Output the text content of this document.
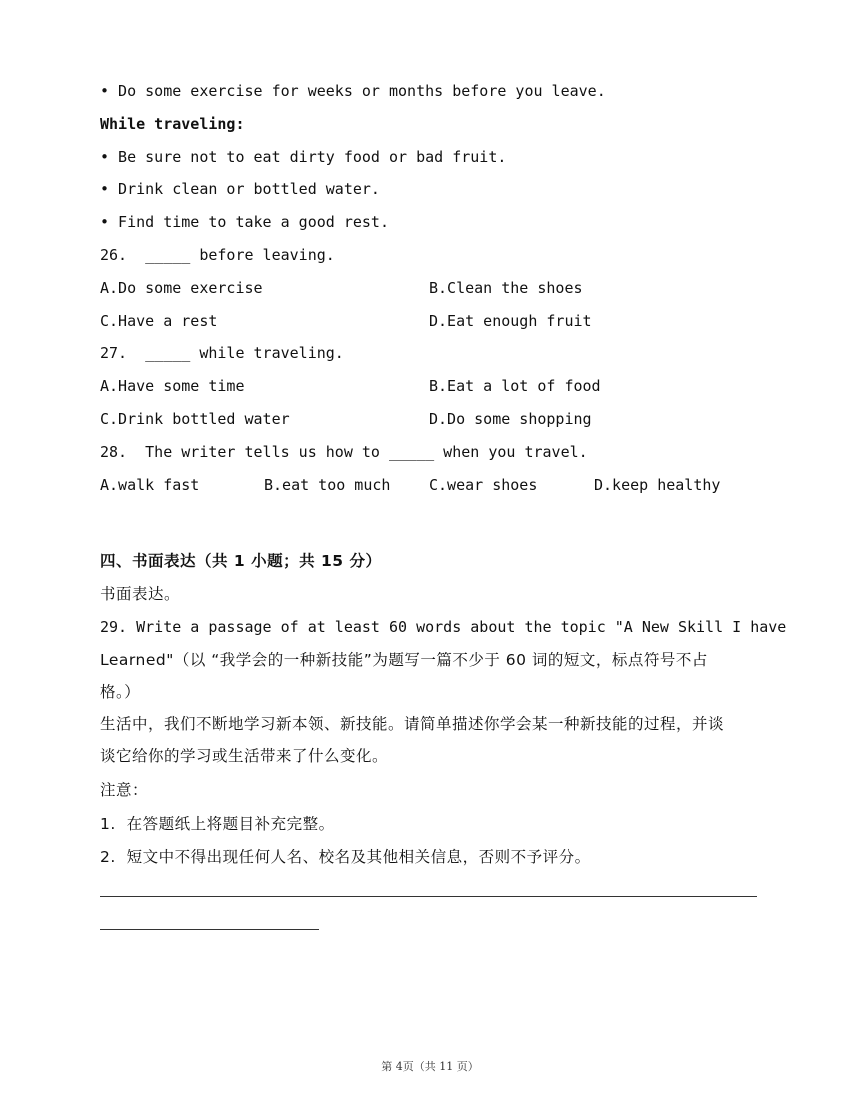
• Do some exercise for weeks or months before you leave.
While traveling:
• Be sure not to eat dirty food or bad fruit.
• Drink clean or bottled water.
• Find time to take a good rest.
26.  _____ before leaving.
A.Do some exercise	B.Clean the shoes
C.Have a rest	D.Eat enough fruit
27.  _____ while traveling.
A.Have some time	B.Eat a lot of food
C.Drink bottled water	D.Do some shopping
28.  The writer tells us how to _____ when you travel.
A.walk fast	B.eat too much	C.wear shoes	D.keep healthy
四、书面表达（共 1 小题；共 15 分）
书面表达。
29. Write a passage of at least 60 words about the topic "A New Skill I have
Learned"（以 “我学会的一种新技能”为题写一篇不少于 60 词的短文，标点符号不占
格。）
生活中，我们不断地学习新本领、新技能。请简单描述你学会某一种新技能的过程，并谈
谈它给你的学习或生活带来了什么变化。
注意：
1.  在答题纸上将题目补充完整。
2.  短文中不得出现任何人名、校名及其他相关信息，否则不予评分。
第 4页（共 11 页）
